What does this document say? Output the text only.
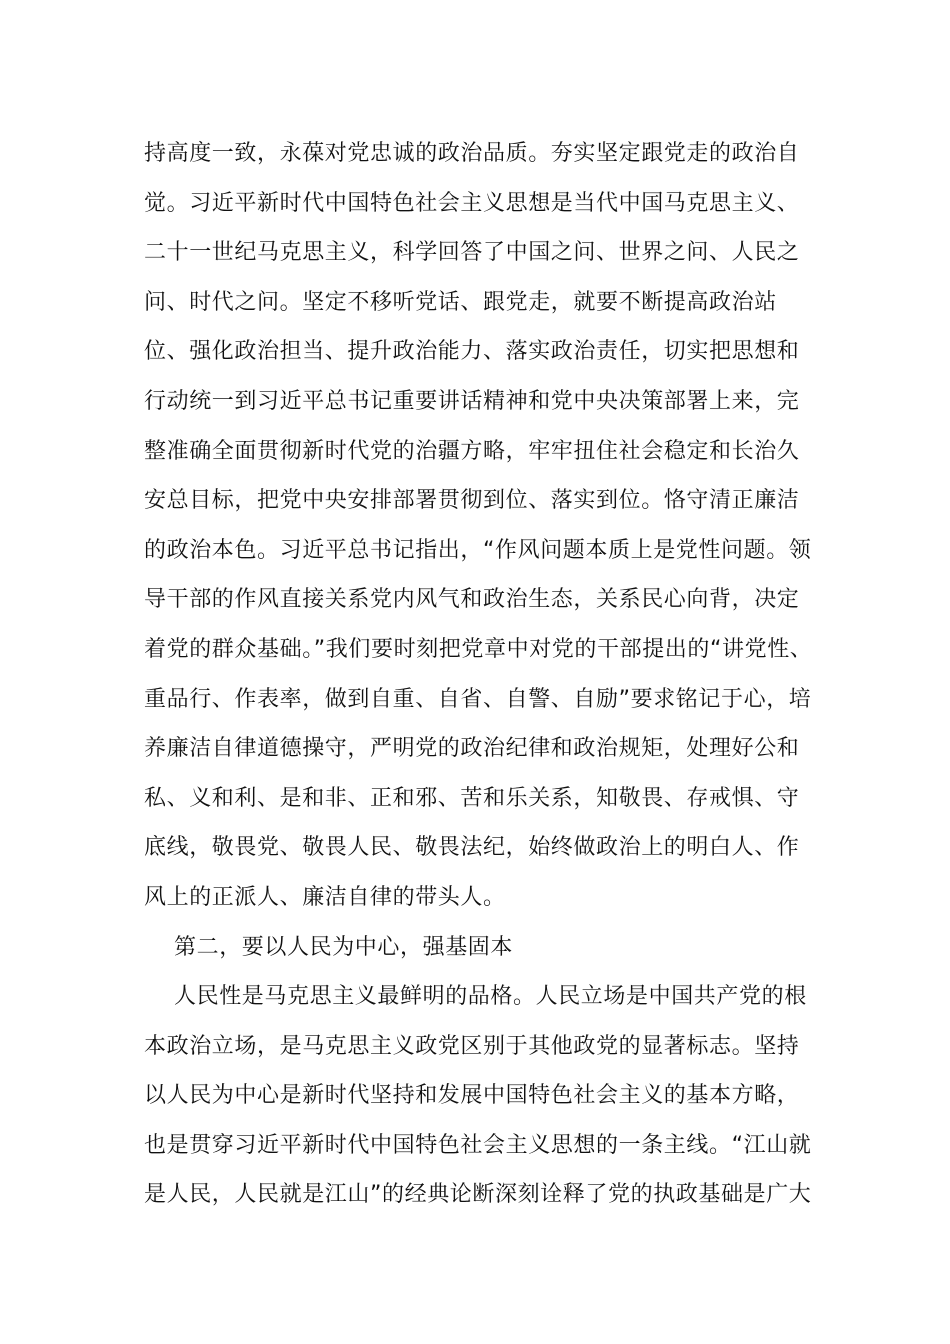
持高度一致，永葆对党忠诚的政治品质。夯实坚定跟党走的政治自
觉。习近平新时代中国特色社会主义思想是当代中国马克思主义、
二十一世纪马克思主义，科学回答了中国之问、世界之问、人民之
问、时代之问。坚定不移听党话、跟党走，就要不断提高政治站
位、强化政治担当、提升政治能力、落实政治责任，切实把思想和
行动统一到习近平总书记重要讲话精神和党中央决策部署上来，完
整准确全面贯彻新时代党的治疆方略，牢牢扭住社会稳定和长治久
安总目标，把党中央安排部署贯彻到位、落实到位。恪守清正廉洁
的政治本色。习近平总书记指出，“作风问题本质上是党性问题。领
导干部的作风直接关系党内风气和政治生态，关系民心向背，决定
着党的群众基础。”我们要时刻把党章中对党的干部提出的“讲党性、
重品行、作表率，做到自重、自省、自警、自励”要求铭记于心，培
养廉洁自律道德操守，严明党的政治纪律和政治规矩，处理好公和
私、义和利、是和非、正和邪、苦和乐关系，知敬畏、存戒惧、守
底线，敬畏党、敬畏人民、敬畏法纪，始终做政治上的明白人、作
风上的正派人、廉洁自律的带头人。
第二，要以人民为中心，强基固本
人民性是马克思主义最鲜明的品格。人民立场是中国共产党的根
本政治立场，是马克思主义政党区别于其他政党的显著标志。坚持
以人民为中心是新时代坚持和发展中国特色社会主义的基本方略，
也是贯穿习近平新时代中国特色社会主义思想的一条主线。“江山就
是人民，人民就是江山”的经典论断深刻诠释了党的执政基础是广大
